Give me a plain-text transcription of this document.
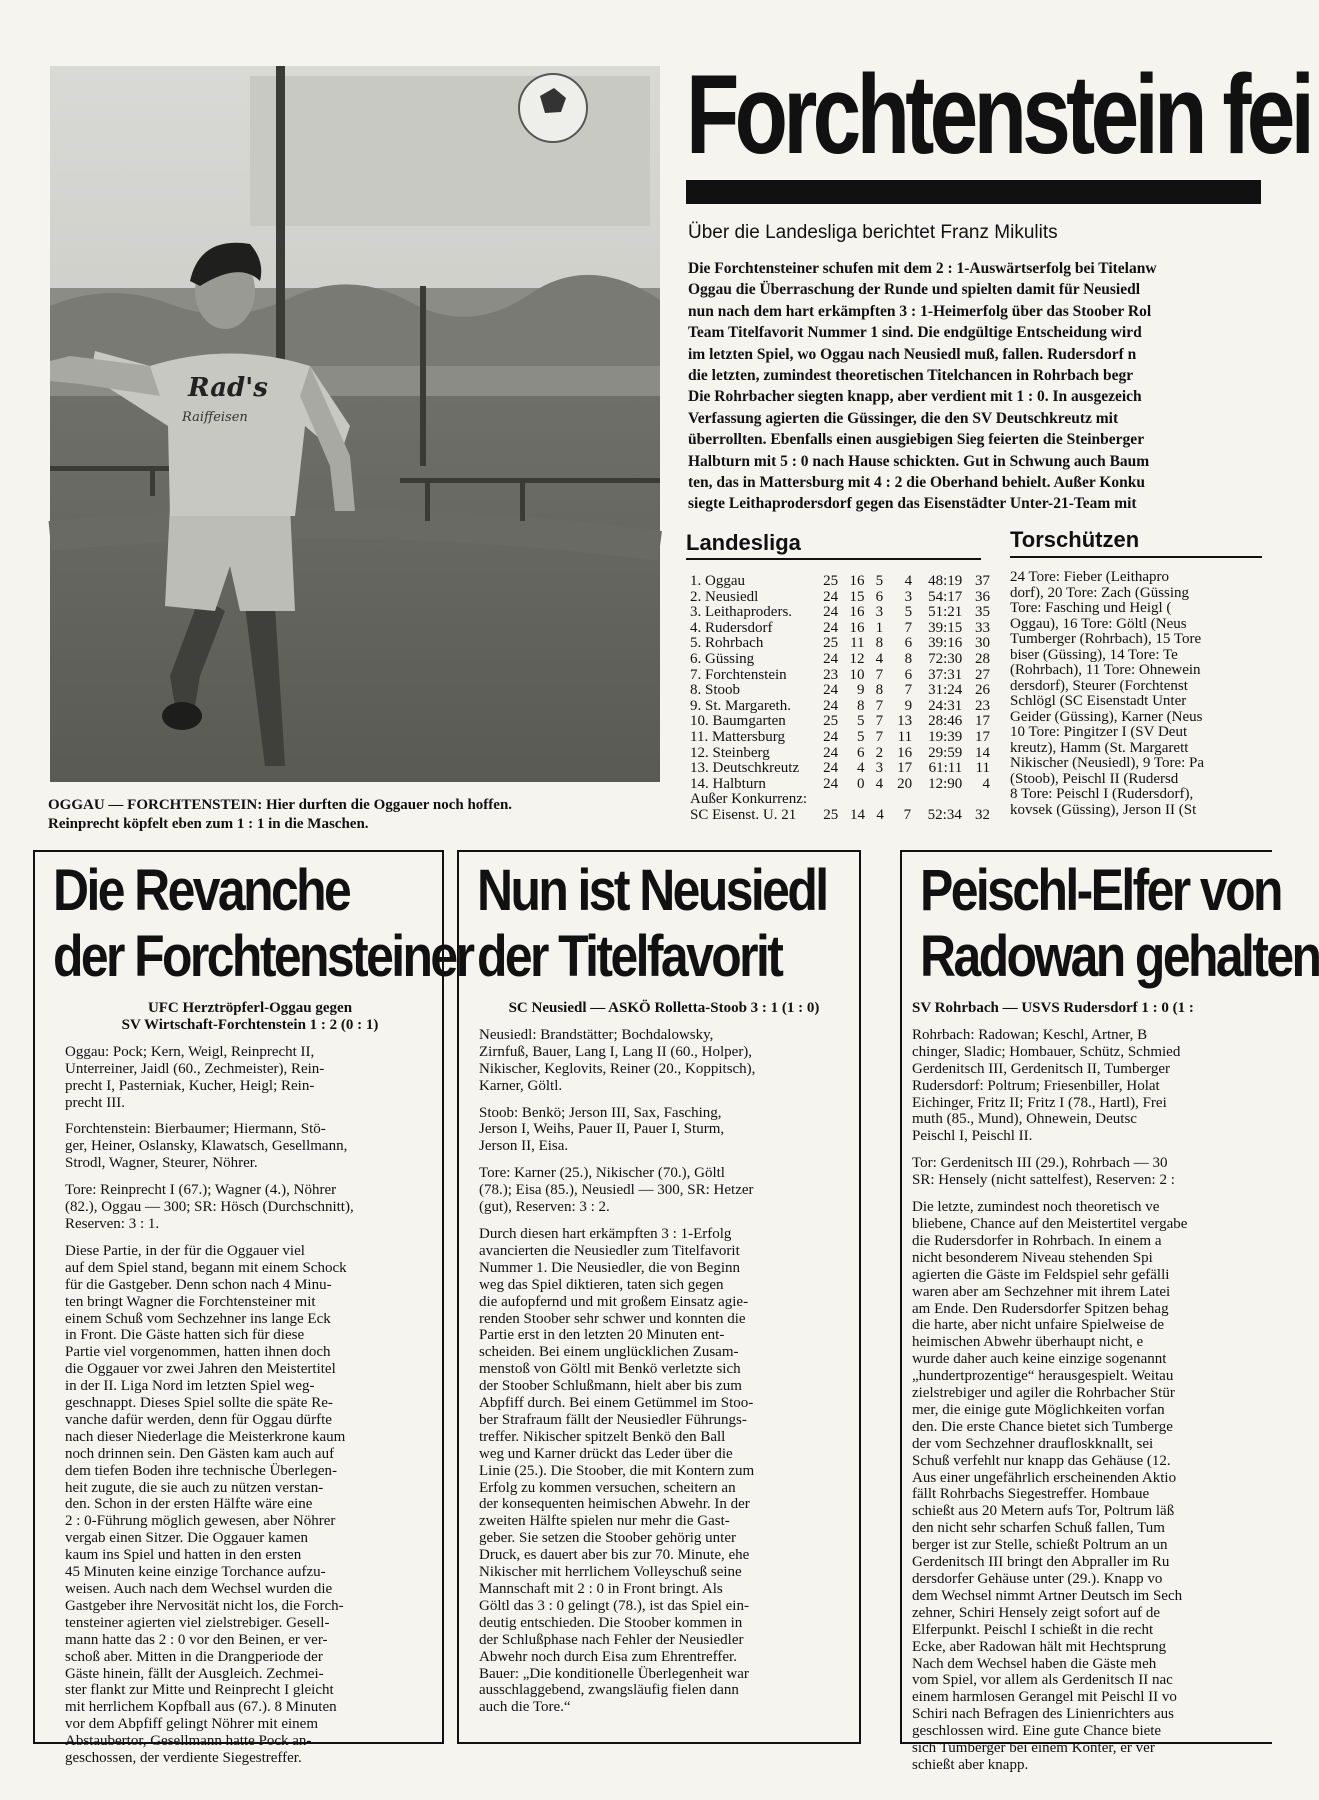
Rad's
Raiffeisen
OGGAU — FORCHTENSTEIN: Hier durften die Oggauer noch hoffen.
Reinprecht köpfelt eben zum 1 : 1 in die Maschen.
Forchtenstein fei
Über die Landesliga berichtet Franz Mikulits
Die Forchtensteiner schufen mit dem 2 : 1-Auswärtserfolg bei Titelanw
Oggau die Überraschung der Runde und spielten damit für Neusiedl
nun nach dem hart erkämpften 3 : 1-Heimerfolg über das Stoober Rol
Team Titelfavorit Nummer 1 sind. Die endgültige Entscheidung wird
im letzten Spiel, wo Oggau nach Neusiedl muß, fallen. Rudersdorf n
die letzten, zumindest theoretischen Titelchancen in Rohrbach begr
Die Rohrbacher siegten knapp, aber verdient mit 1 : 0. In ausgezeich
Verfassung agierten die Güssinger, die den SV Deutschkreutz mit
überrollten. Ebenfalls einen ausgiebigen Sieg feierten die Steinberger
Halbturn mit 5 : 0 nach Hause schickten. Gut in Schwung auch Baum
ten, das in Mattersburg mit 4 : 2 die Oberhand behielt. Außer Konku
siegte Leithaprodersdorf gegen das Eisenstädter Unter-21-Team mit
Landesliga
1. Oggau	25	16	5	4	48:19	37
2. Neusiedl	24	15	6	3	54:17	36
3. Leithaproders.	24	16	3	5	51:21	35
4. Rudersdorf	24	16	1	7	39:15	33
5. Rohrbach	25	11	8	6	39:16	30
6. Güssing	24	12	4	8	72:30	28
7. Forchtenstein	23	10	7	6	37:31	27
8. Stoob	24	9	8	7	31:24	26
9. St. Margareth.	24	8	7	9	24:31	23
10. Baumgarten	25	5	7	13	28:46	17
11. Mattersburg	24	5	7	11	19:39	17
12. Steinberg	24	6	2	16	29:59	14
13. Deutschkreutz	24	4	3	17	61:11	11
14. Halbturn	24	0	4	20	12:90	4
Außer Konkurrenz:
SC Eisenst. U. 21	25	14	4	7	52:34	32
Torschützen
24 Tore: Fieber (Leithapro
dorf), 20 Tore: Zach (Güssing
Tore: Fasching und Heigl (
Oggau), 16 Tore: Göltl (Neus
Tumberger (Rohrbach), 15 Tore
biser (Güssing), 14 Tore: Te
(Rohrbach), 11 Tore: Ohnewein
dersdorf), Steurer (Forchtenst
Schlögl (SC Eisenstadt Unter
Geider (Güssing), Karner (Neus
10 Tore: Pingitzer I (SV Deut
kreutz), Hamm (St. Margarett
Nikischer (Neusiedl), 9 Tore: Pa
(Stoob), Peischl II (Rudersd
8 Tore: Peischl I (Rudersdorf),
kovsek (Güssing), Jerson II (St
Die Revanche
der Forchtensteiner
UFC Herztröpferl-Oggau gegen
SV Wirtschaft-Forchtenstein 1 : 2 (0 : 1)
Oggau: Pock; Kern, Weigl, Reinprecht II,
Unterreiner, Jaidl (60., Zechmeister), Rein-
precht I, Pasterniak, Kucher, Heigl; Rein-
precht III.
Forchtenstein: Bierbaumer; Hiermann, Stö-
ger, Heiner, Oslansky, Klawatsch, Gesellmann,
Strodl, Wagner, Steurer, Nöhrer.
Tore: Reinprecht I (67.); Wagner (4.), Nöhrer
(82.), Oggau — 300; SR: Hösch (Durchschnitt),
Reserven: 3 : 1.
Diese Partie, in der für die Oggauer viel
auf dem Spiel stand, begann mit einem Schock
für die Gastgeber. Denn schon nach 4 Minu-
ten bringt Wagner die Forchtensteiner mit
einem Schuß vom Sechzehner ins lange Eck
in Front. Die Gäste hatten sich für diese
Partie viel vorgenommen, hatten ihnen doch
die Oggauer vor zwei Jahren den Meistertitel
in der II. Liga Nord im letzten Spiel weg-
geschnappt. Dieses Spiel sollte die späte Re-
vanche dafür werden, denn für Oggau dürfte
nach dieser Niederlage die Meisterkrone kaum
noch drinnen sein. Den Gästen kam auch auf
dem tiefen Boden ihre technische Überlegen-
heit zugute, die sie auch zu nützen verstan-
den. Schon in der ersten Hälfte wäre eine
2 : 0-Führung möglich gewesen, aber Nöhrer
vergab einen Sitzer. Die Oggauer kamen
kaum ins Spiel und hatten in den ersten
45 Minuten keine einzige Torchance aufzu-
weisen. Auch nach dem Wechsel wurden die
Gastgeber ihre Nervosität nicht los, die Forch-
tensteiner agierten viel zielstrebiger. Gesell-
mann hatte das 2 : 0 vor den Beinen, er ver-
schoß aber. Mitten in die Drangperiode der
Gäste hinein, fällt der Ausgleich. Zechmei-
ster flankt zur Mitte und Reinprecht I gleicht
mit herrlichem Kopfball aus (67.). 8 Minuten
vor dem Abpfiff gelingt Nöhrer mit einem
Abstaubertor, Gesellmann hatte Pock an-
geschossen, der verdiente Siegestreffer.
Nun ist Neusiedl
der Titelfavorit
SC Neusiedl — ASKÖ Rolletta-Stoob 3 : 1 (1 : 0)
Neusiedl: Brandstätter; Bochdalowsky,
Zirnfuß, Bauer, Lang I, Lang II (60., Holper),
Nikischer, Keglovits, Reiner (20., Koppitsch),
Karner, Göltl.
Stoob: Benkö; Jerson III, Sax, Fasching,
Jerson I, Weihs, Pauer II, Pauer I, Sturm,
Jerson II, Eisa.
Tore: Karner (25.), Nikischer (70.), Göltl
(78.); Eisa (85.), Neusiedl — 300, SR: Hetzer
(gut), Reserven: 3 : 2.
Durch diesen hart erkämpften 3 : 1-Erfolg
avancierten die Neusiedler zum Titelfavorit
Nummer 1. Die Neusiedler, die von Beginn
weg das Spiel diktieren, taten sich gegen
die aufopfernd und mit großem Einsatz agie-
renden Stoober sehr schwer und konnten die
Partie erst in den letzten 20 Minuten ent-
scheiden. Bei einem unglücklichen Zusam-
menstoß von Göltl mit Benkö verletzte sich
der Stoober Schlußmann, hielt aber bis zum
Abpfiff durch. Bei einem Getümmel im Stoo-
ber Strafraum fällt der Neusiedler Führungs-
treffer. Nikischer spitzelt Benkö den Ball
weg und Karner drückt das Leder über die
Linie (25.). Die Stoober, die mit Kontern zum
Erfolg zu kommen versuchen, scheitern an
der konsequenten heimischen Abwehr. In der
zweiten Hälfte spielen nur mehr die Gast-
geber. Sie setzen die Stoober gehörig unter
Druck, es dauert aber bis zur 70. Minute, ehe
Nikischer mit herrlichem Volleyschuß seine
Mannschaft mit 2 : 0 in Front bringt. Als
Göltl das 3 : 0 gelingt (78.), ist das Spiel ein-
deutig entschieden. Die Stoober kommen in
der Schlußphase nach Fehler der Neusiedler
Abwehr noch durch Eisa zum Ehrentreffer.
Bauer: „Die konditionelle Überlegenheit war
ausschlaggebend, zwangsläufig fielen dann
auch die Tore.“
Peischl-Elfer von
Radowan gehalten
SV Rohrbach — USVS Rudersdorf 1 : 0 (1 :
Rohrbach: Radowan; Keschl, Artner, B
chinger, Sladic; Hombauer, Schütz, Schmied
Gerdenitsch III, Gerdenitsch II, Tumberger
Rudersdorf: Poltrum; Friesenbiller, Holat
Eichinger, Fritz II; Fritz I (78., Hartl), Frei
muth (85., Mund), Ohnewein, Deutsc
Peischl I, Peischl II.
Tor: Gerdenitsch III (29.), Rohrbach — 30
SR: Hensely (nicht sattelfest), Reserven: 2 :
Die letzte, zumindest noch theoretisch ve
bliebene, Chance auf den Meistertitel vergabe
die Rudersdorfer in Rohrbach. In einem a
nicht besonderem Niveau stehenden Spi
agierten die Gäste im Feldspiel sehr gefälli
waren aber am Sechzehner mit ihrem Latei
am Ende. Den Rudersdorfer Spitzen behag
die harte, aber nicht unfaire Spielweise de
heimischen Abwehr überhaupt nicht, e
wurde daher auch keine einzige sogenannt
„hundertprozentige“ herausgespielt. Weitau
zielstrebiger und agiler die Rohrbacher Stür
mer, die einige gute Möglichkeiten vorfan
den. Die erste Chance bietet sich Tumberge
der vom Sechzehner draufloskknallt, sei
Schuß verfehlt nur knapp das Gehäuse (12.
Aus einer ungefährlich erscheinenden Aktio
fällt Rohrbachs Siegestreffer. Hombaue
schießt aus 20 Metern aufs Tor, Poltrum läß
den nicht sehr scharfen Schuß fallen, Tum
berger ist zur Stelle, schießt Poltrum an un
Gerdenitsch III bringt den Abpraller im Ru
dersdorfer Gehäuse unter (29.). Knapp vo
dem Wechsel nimmt Artner Deutsch im Sech
zehner, Schiri Hensely zeigt sofort auf de
Elferpunkt. Peischl I schießt in die recht
Ecke, aber Radowan hält mit Hechtsprung
Nach dem Wechsel haben die Gäste meh
vom Spiel, vor allem als Gerdenitsch II nac
einem harmlosen Gerangel mit Peischl II vo
Schiri nach Befragen des Linienrichters aus
geschlossen wird. Eine gute Chance biete
sich Tumberger bei einem Konter, er ver
schießt aber knapp.
